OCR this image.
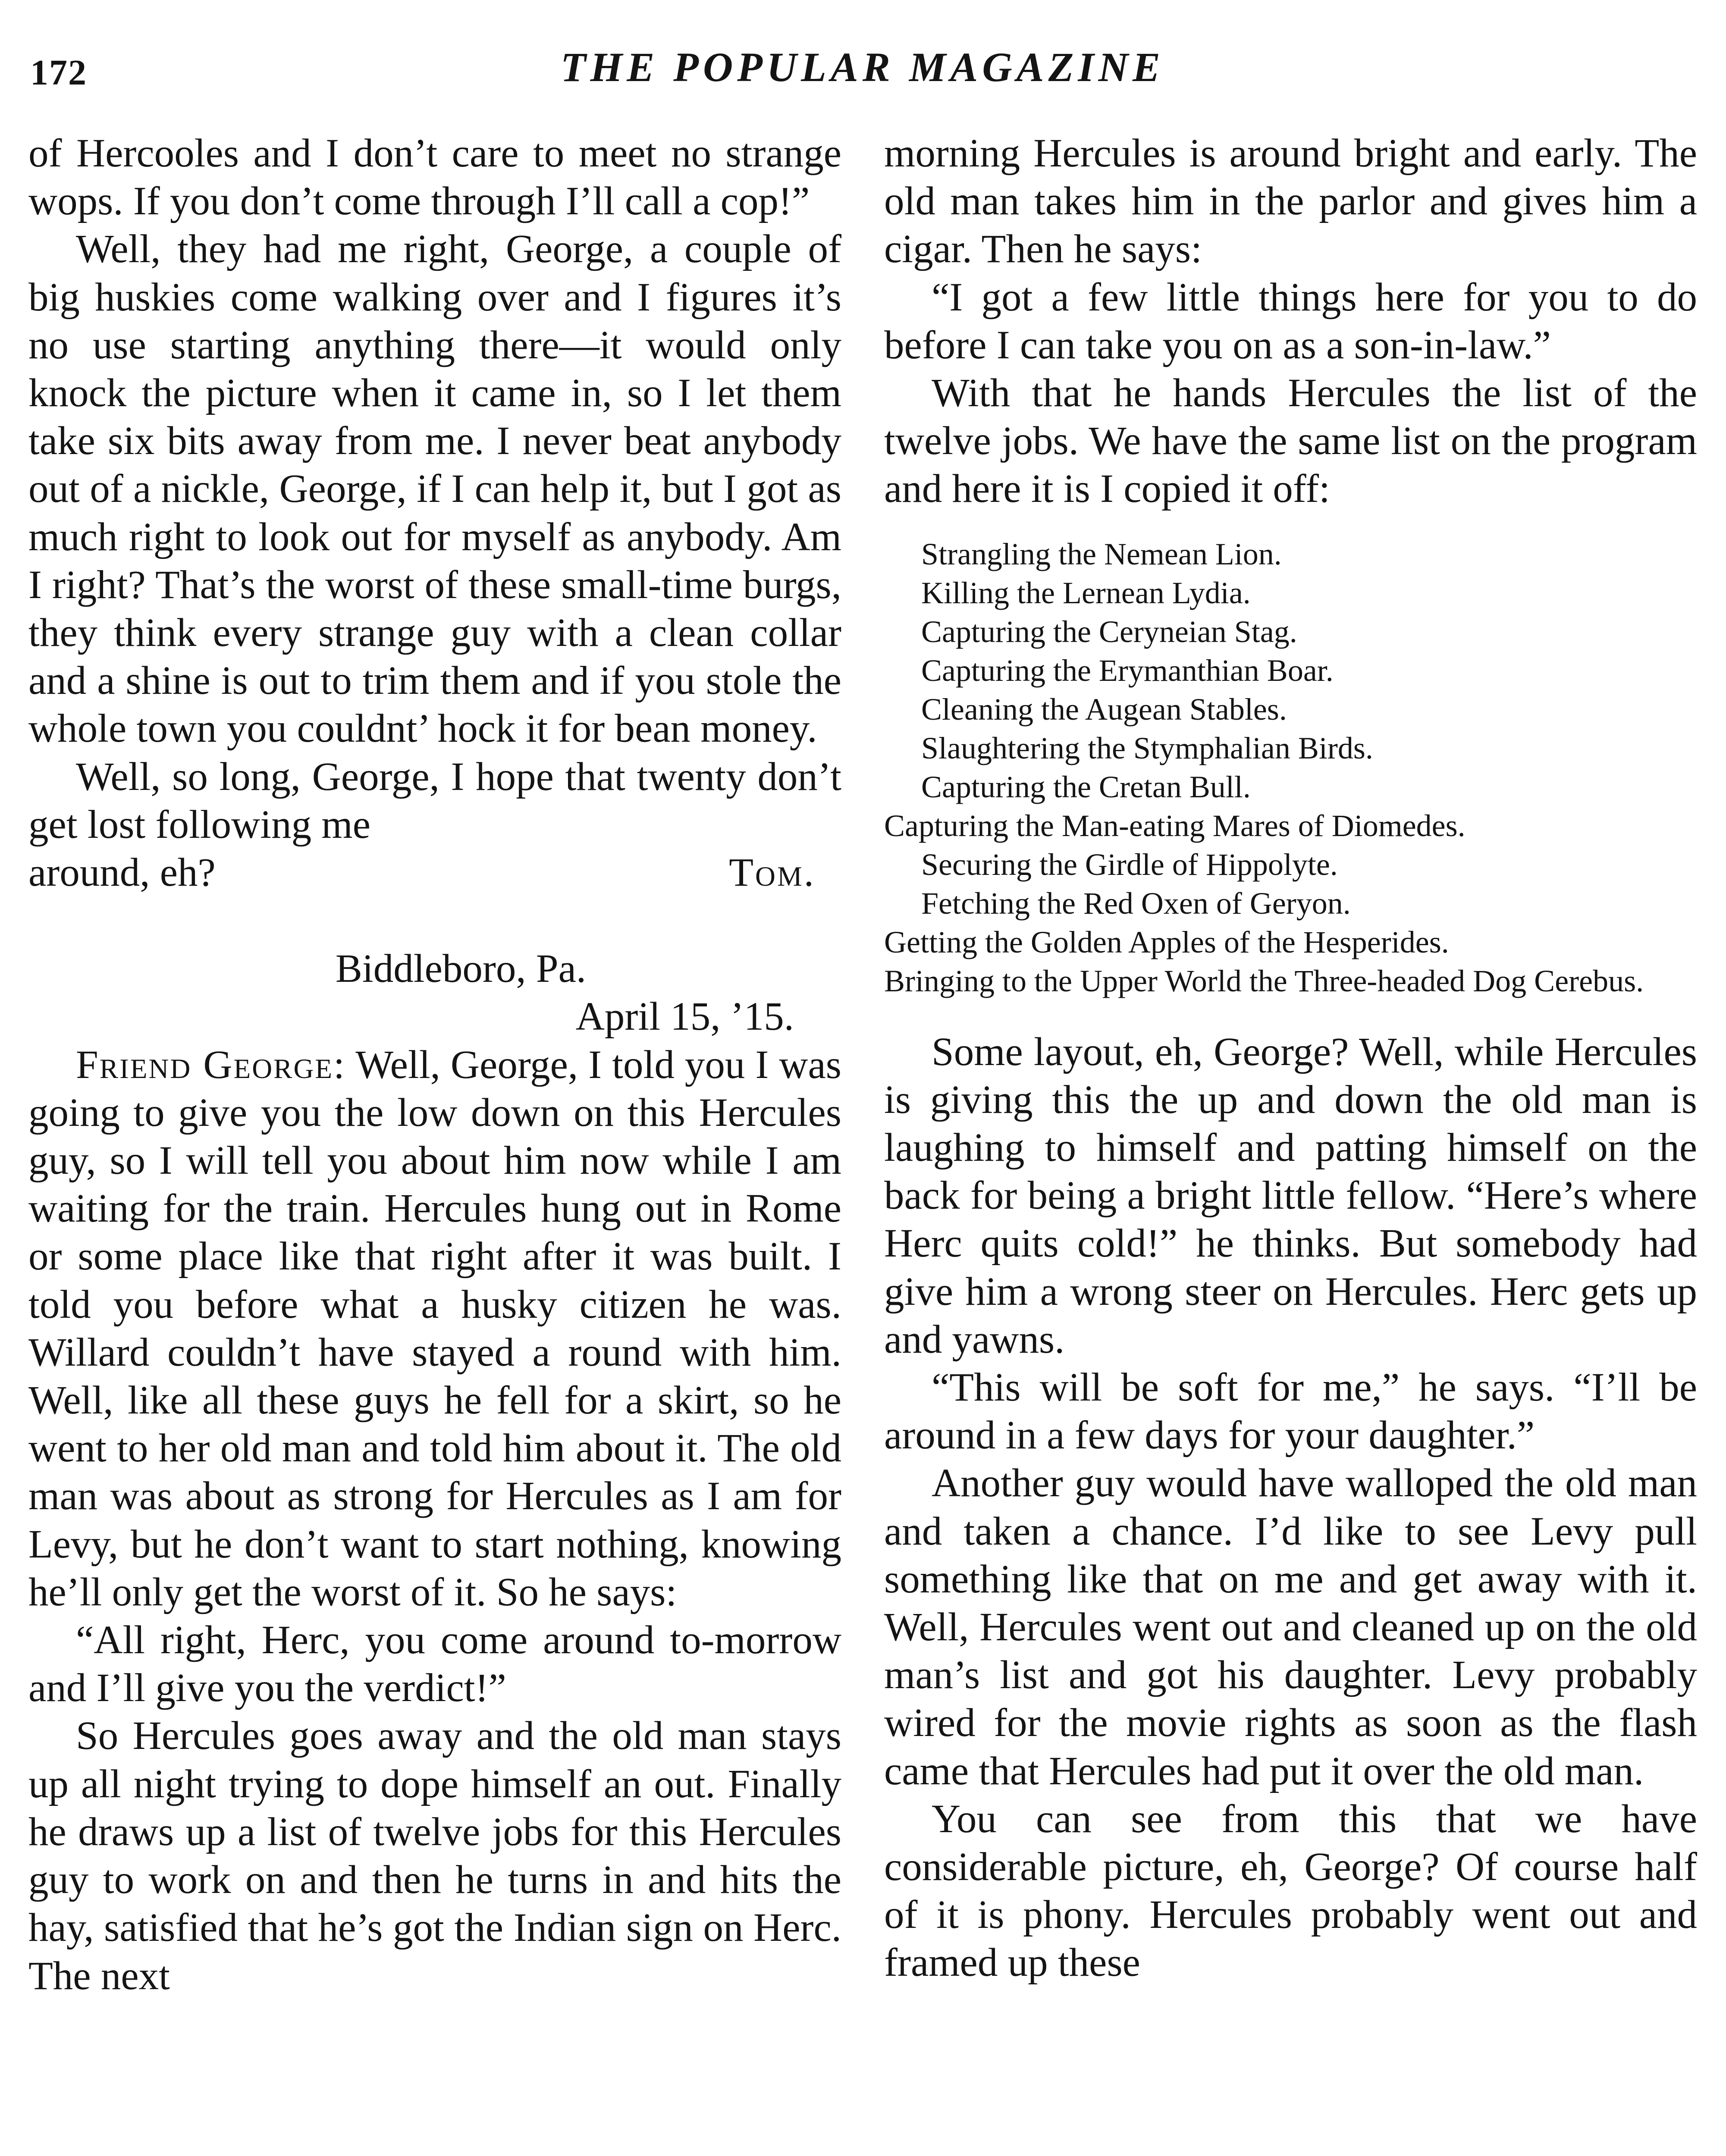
172	THE POPULAR MAGAZINE

of Hercooles and I don’t care to meet no strange wops. If you don’t come through I’ll call a cop!”

Well, they had me right, George, a couple of big huskies come walking over and I figures it’s no use starting anything there—it would only knock the picture when it came in, so I let them take six bits away from me. I never beat anybody out of a nickle, George, if I can help it, but I got as much right to look out for myself as anybody. Am I right? That’s the worst of these small-time burgs, they think every strange guy with a clean collar and a shine is out to trim them and if you stole the whole town you couldnt’ hock it for bean money.

Well, so long, George, I hope that twenty don’t get lost following me

around, eh?	Tom.

Biddleboro, Pa.

April 15, ’15.

Friend George: Well, George, I told you I was going to give you the low down on this Hercules guy, so I will tell you about him now while I am waiting for the train. Hercules hung out in Rome or some place like that right after it was built. I told you before what a husky citizen he was. Willard couldn’t have stayed a round with him. Well, like all these guys he fell for a skirt, so he went to her old man and told him about it. The old man was about as strong for Hercules as I am for Levy, but he don’t want to start nothing, knowing he’ll only get the worst of it. So he says:

“All right, Herc, you come around to-morrow and I’ll give you the verdict!”

So Hercules goes away and the old man stays up all night trying to dope himself an out. Finally he draws up a list of twelve jobs for this Hercules guy to work on and then he turns in and hits the hay, satisfied that he’s got the Indian sign on Herc. The next

morning Hercules is around bright and early. The old man takes him in the parlor and gives him a cigar. Then he says:

“I got a few little things here for you to do before I can take you on as a son-in-law.”

With that he hands Hercules the list of the twelve jobs. We have the same list on the program and here it is I copied it off:

Strangling the Nemean Lion.
Killing the Lernean Lydia.
Capturing the Ceryneian Stag.
Capturing the Erymanthian Boar.
Cleaning the Augean Stables.
Slaughtering the Stymphalian Birds.
Capturing the Cretan Bull.
Capturing the Man-eating Mares of Diomedes.
Securing the Girdle of Hippolyte.
Fetching the Red Oxen of Geryon.
Getting the Golden Apples of the Hesperides.
Bringing to the Upper World the Three-headed Dog Cerebus.

Some layout, eh, George? Well, while Hercules is giving this the up and down the old man is laughing to himself and patting himself on the back for being a bright little fellow. “Here’s where Herc quits cold!” he thinks. But somebody had give him a wrong steer on Hercules. Herc gets up and yawns.

“This will be soft for me,” he says. “I’ll be around in a few days for your daughter.”

Another guy would have walloped the old man and taken a chance. I’d like to see Levy pull something like that on me and get away with it. Well, Hercules went out and cleaned up on the old man’s list and got his daughter. Levy probably wired for the movie rights as soon as the flash came that Hercules had put it over the old man.

You can see from this that we have considerable picture, eh, George? Of course half of it is phony. Hercules probably went out and framed up these
